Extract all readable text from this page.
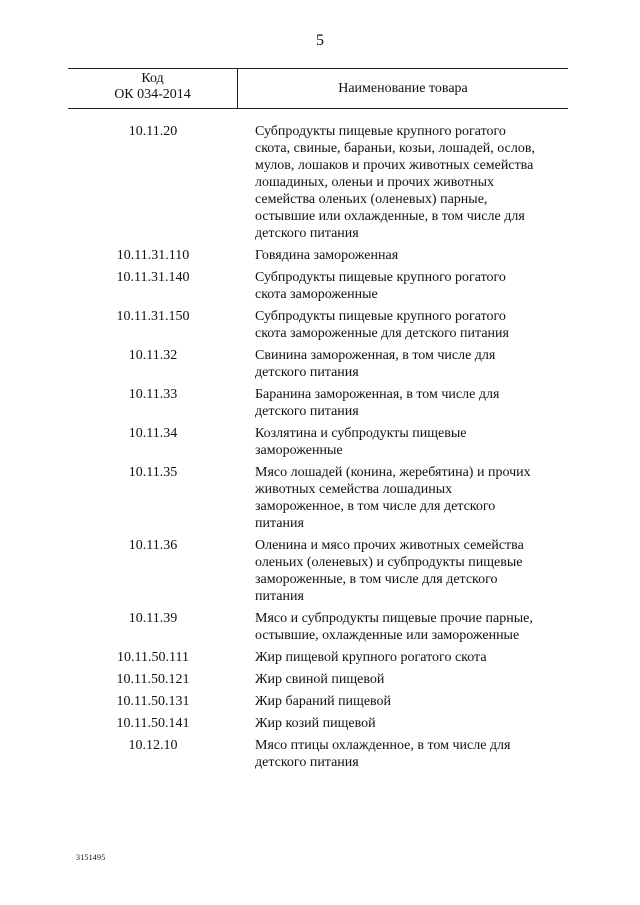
5
Код
ОК 034-2014	Наименование товара
10.11.20	Субпродукты пищевые крупного рогатого
скота, свиные, бараньи, козьи, лошадей, ослов,
мулов, лошаков и прочих животных семейства
лошадиных, оленьи и прочих животных
семейства оленьих (оленевых) парные,
остывшие или охлажденные, в том числе для
детского питания
10.11.31.110	Говядина замороженная
10.11.31.140	Субпродукты пищевые крупного рогатого
скота замороженные
10.11.31.150	Субпродукты пищевые крупного рогатого
скота замороженные для детского питания
10.11.32	Свинина замороженная, в том числе для
детского питания
10.11.33	Баранина замороженная, в том числе для
детского питания
10.11.34	Козлятина и субпродукты пищевые
замороженные
10.11.35	Мясо лошадей (конина, жеребятина) и прочих
животных семейства лошадиных
замороженное, в том числе для детского
питания
10.11.36	Оленина и мясо прочих животных семейства
оленьих (оленевых) и субпродукты пищевые
замороженные, в том числе для детского
питания
10.11.39	Мясо и субпродукты пищевые прочие парные,
остывшие, охлажденные или замороженные
10.11.50.111	Жир пищевой крупного рогатого скота
10.11.50.121	Жир свиной пищевой
10.11.50.131	Жир бараний пищевой
10.11.50.141	Жир козий пищевой
10.12.10	Мясо птицы охлажденное, в том числе для
детского питания
3151495
